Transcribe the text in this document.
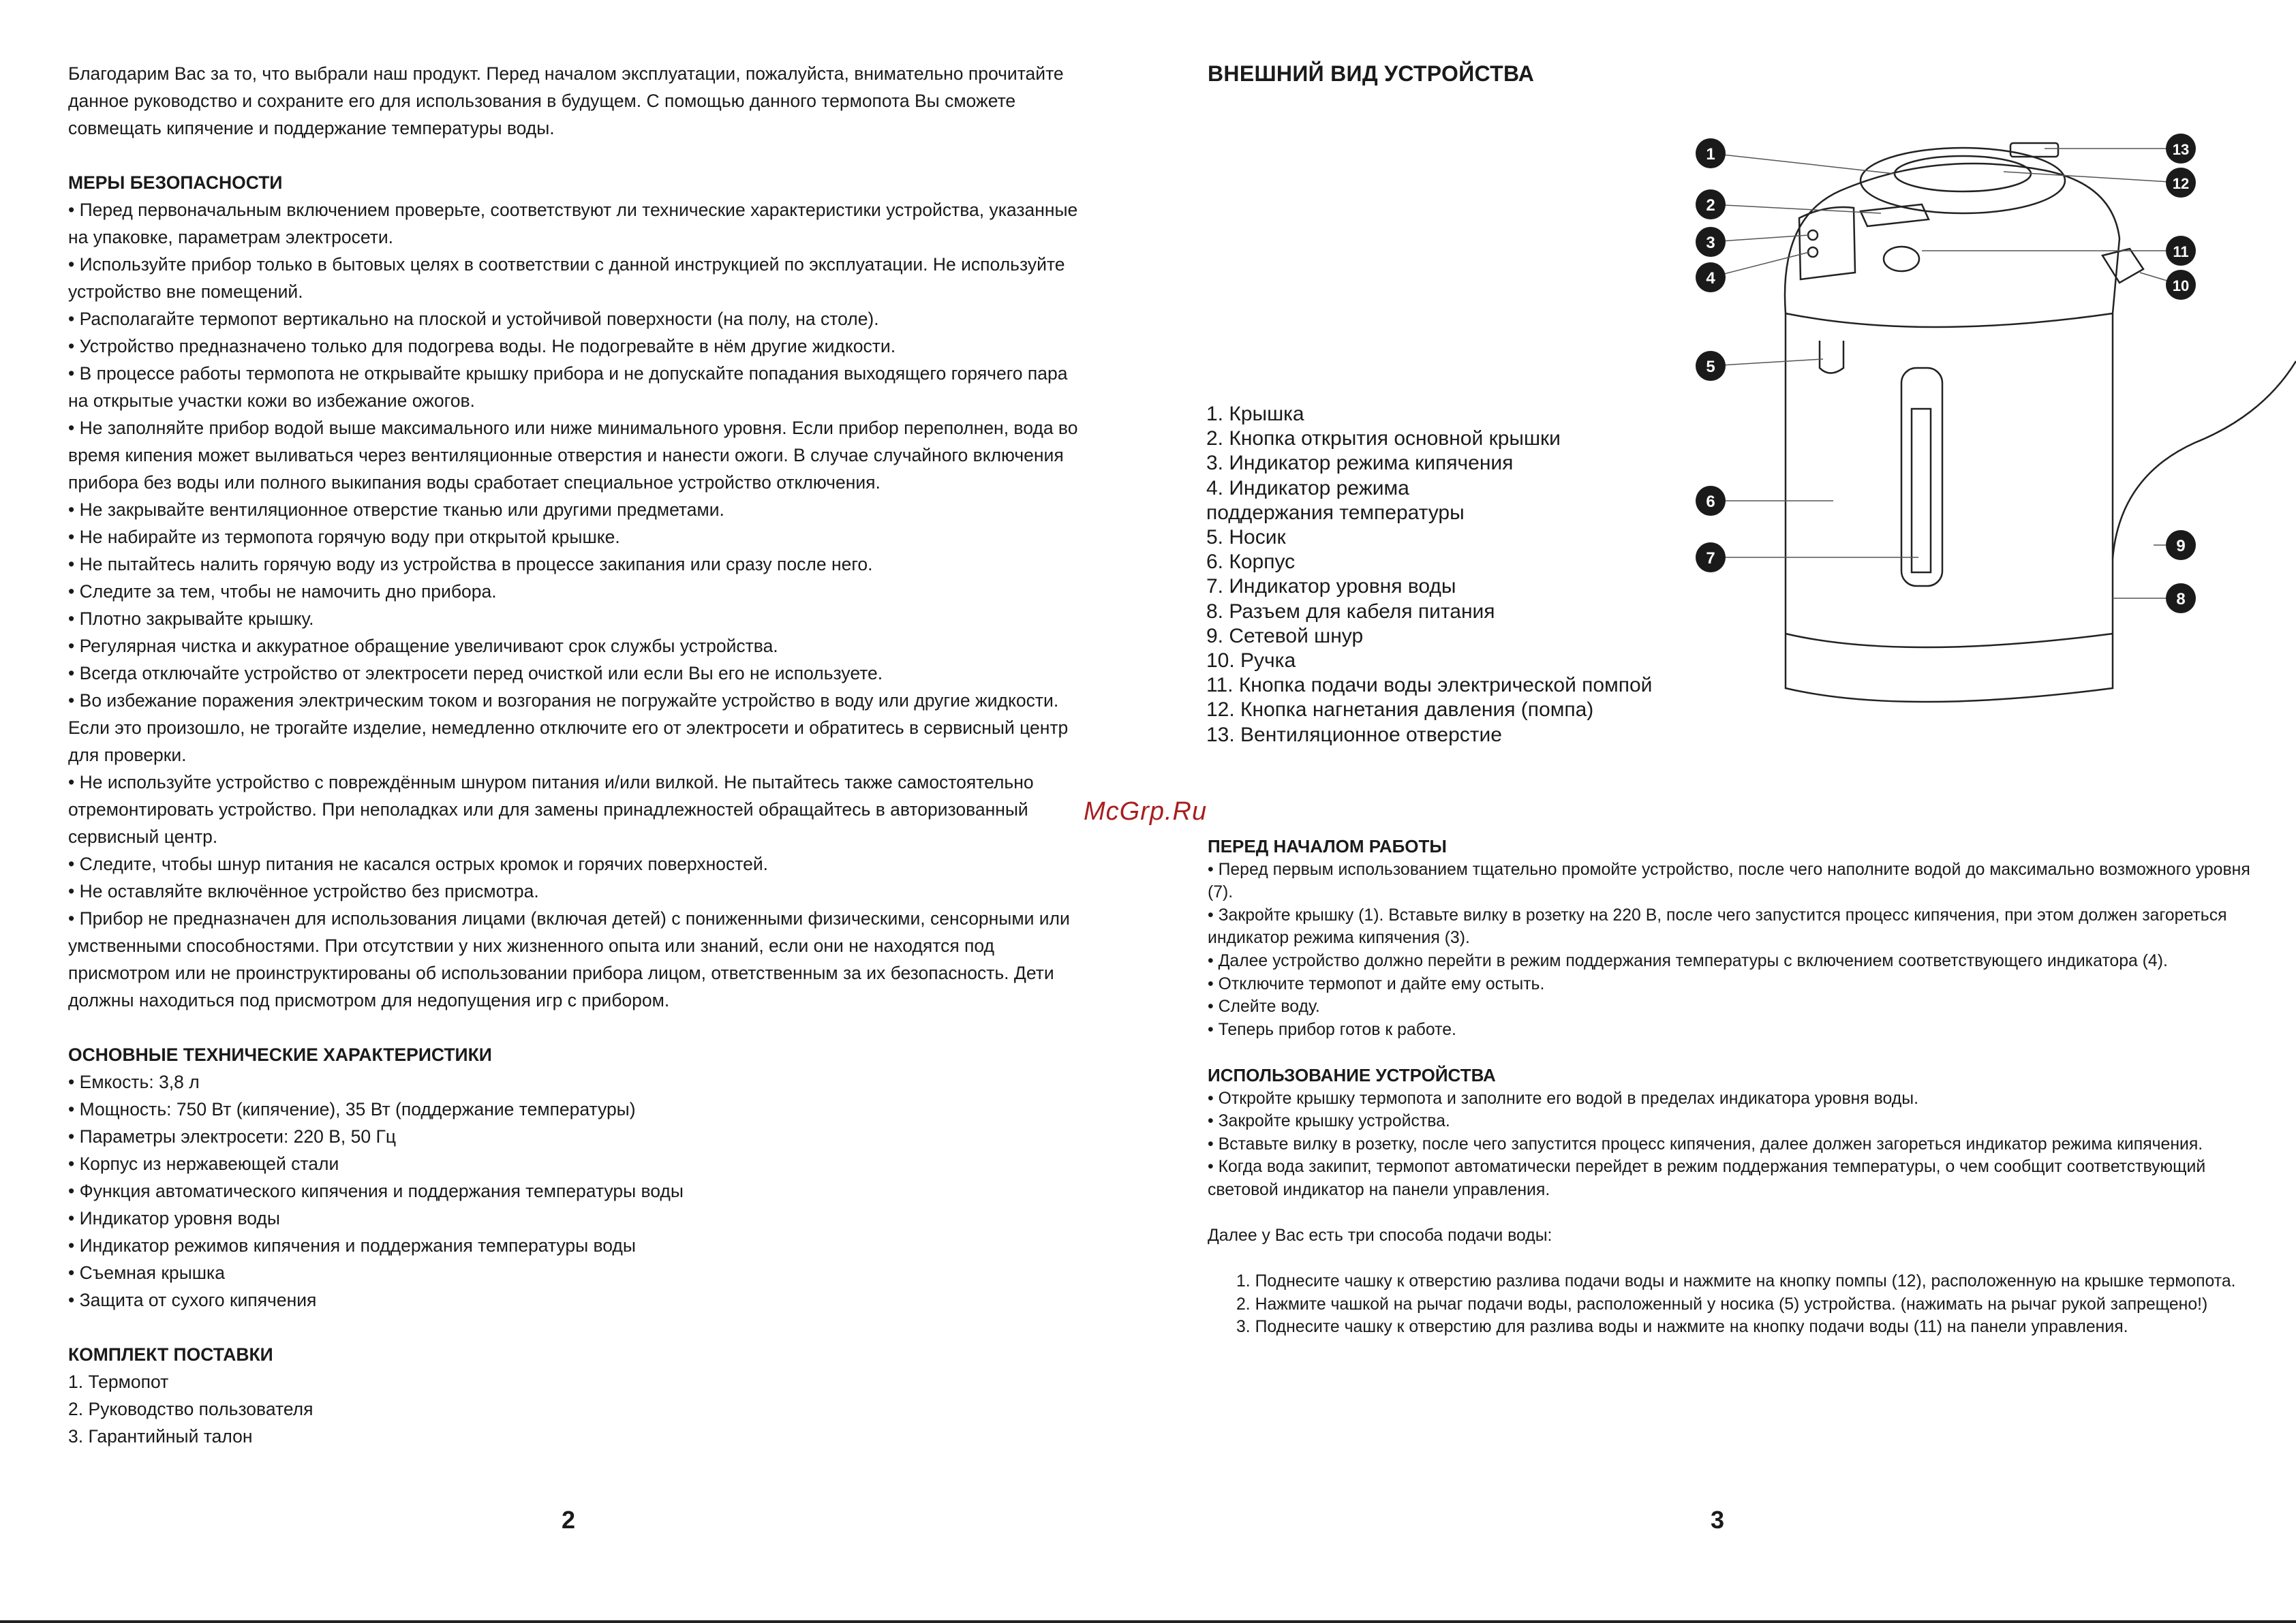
Благодарим Вас за то, что выбрали наш продукт. Перед началом эксплуатации, пожалуйста, внимательно прочитайте данное руководство и сохраните его для использования в будущем. С помощью данного термопота Вы сможете совмещать кипячение и поддержание температуры воды.

МЕРЫ БЕЗОПАСНОСТИ

• Перед первоначальным включением проверьте, соответствуют ли технические характеристики устройства, указанные на упаковке, параметрам электросети.

• Используйте прибор только в бытовых целях в соответствии с данной инструкцией по эксплуатации. Не используйте устройство вне помещений.

• Располагайте термопот вертикально на плоской и устойчивой поверхности (на полу, на столе).

• Устройство предназначено только для подогрева воды. Не подогревайте в нём другие жидкости.

• В процессе работы термопота не открывайте крышку прибора и не допускайте попадания выходящего горячего пара на открытые участки кожи во избежание ожогов.

• Не заполняйте прибор водой выше максимального или ниже минимального уровня. Если прибор переполнен, вода во время кипения может выливаться через вентиляционные отверстия и нанести ожоги. В случае случайного включения прибора без воды или полного выкипания воды сработает специальное устройство отключения.

• Не закрывайте вентиляционное отверстие тканью или другими предметами.

• Не набирайте из термопота горячую воду при открытой крышке.

• Не пытайтесь налить горячую воду из устройства в процессе закипания или сразу после него.

• Следите за тем, чтобы не намочить дно прибора.

• Плотно закрывайте крышку.

• Регулярная чистка и аккуратное обращение увеличивают срок службы устройства.

• Всегда отключайте устройство от электросети перед очисткой или если Вы его не используете.

• Во избежание поражения электрическим током и возгорания не погружайте устройство в воду или другие жидкости. Если это произошло, не трогайте изделие, немедленно отключите его от электросети и обратитесь в сервисный центр для проверки.

• Не используйте устройство с повреждённым шнуром питания и/или вилкой. Не пытайтесь также самостоятельно отремонтировать устройство. При неполадках или для замены принадлежностей обращайтесь в авторизованный сервисный центр.

• Следите, чтобы шнур питания не касался острых кромок и горячих поверхностей.

• Не оставляйте включённое устройство без присмотра.

• Прибор не предназначен для использования лицами (включая детей) с пониженными физическими, сенсорными или умственными способностями. При отсутствии у них жизненного опыта или знаний, если они не находятся под присмотром или не проинструктированы об использовании прибора лицом, ответственным за их безопасность. Дети должны находиться под присмотром для недопущения игр с прибором.

ОСНОВНЫЕ ТЕХНИЧЕСКИЕ ХАРАКТЕРИСТИКИ

• Емкость: 3,8 л

• Мощность: 750 Вт (кипячение), 35 Вт (поддержание температуры)

• Параметры электросети: 220 В, 50 Гц

• Корпус из нержавеющей стали

• Функция автоматического кипячения и поддержания температуры воды

• Индикатор уровня воды

• Индикатор режимов кипячения и поддержания температуры воды

• Съемная крышка

• Защита от сухого кипячения

КОМПЛЕКТ ПОСТАВКИ

1. Термопот

2. Руководство пользователя

3. Гарантийный талон

2
ВНЕШНИЙ ВИД УСТРОЙСТВА
1. Крышка
2. Кнопка открытия основной крышки
3. Индикатор режима кипячения
4. Индикатор режима
поддержания температуры
5. Носик
6. Корпус
7. Индикатор уровня воды
8. Разъем для кабеля питания
9. Сетевой шнур
10. Ручка
11. Кнопка подачи воды электрической помпой
12. Кнопка нагнетания давления (помпа)
13. Вентиляционное отверстие
1
2
3
4
5
6
7
8
9
10
11
12
13
McGrp.Ru

ПЕРЕД НАЧАЛОМ РАБОТЫ

• Перед первым использованием тщательно промойте устройство, после чего наполните водой до максимально возможного уровня (7).

• Закройте крышку (1). Вставьте вилку в розетку на 220 В, после чего запустится процесс кипячения, при этом должен загореться индикатор режима кипячения (3).

• Далее устройство должно перейти в режим поддержания температуры с включением соответствующего индикатора (4).

• Отключите термопот и дайте ему остыть.

• Слейте воду.

• Теперь прибор готов к работе.

ИСПОЛЬЗОВАНИЕ УСТРОЙСТВА

• Откройте крышку термопота и заполните его водой в пределах индикатора уровня воды.

• Закройте крышку устройства.

• Вставьте вилку в розетку, после чего запустится процесс кипячения, далее должен загореться индикатор режима кипячения.

• Когда вода закипит, термопот автоматически перейдет в режим поддержания температуры, о чем сообщит соответствующий световой индикатор на панели управления.

Далее у Вас есть три способа подачи воды:

1. Поднесите чашку к отверстию разлива подачи воды и нажмите на кнопку помпы (12), расположенную на крышке термопота.

2. Нажмите чашкой на рычаг подачи воды, расположенный у носика (5) устройства. (нажимать на рычаг рукой запрещено!)

3. Поднесите чашку к отверстию для разлива воды и нажмите на кнопку подачи воды (11) на панели управления.

3
